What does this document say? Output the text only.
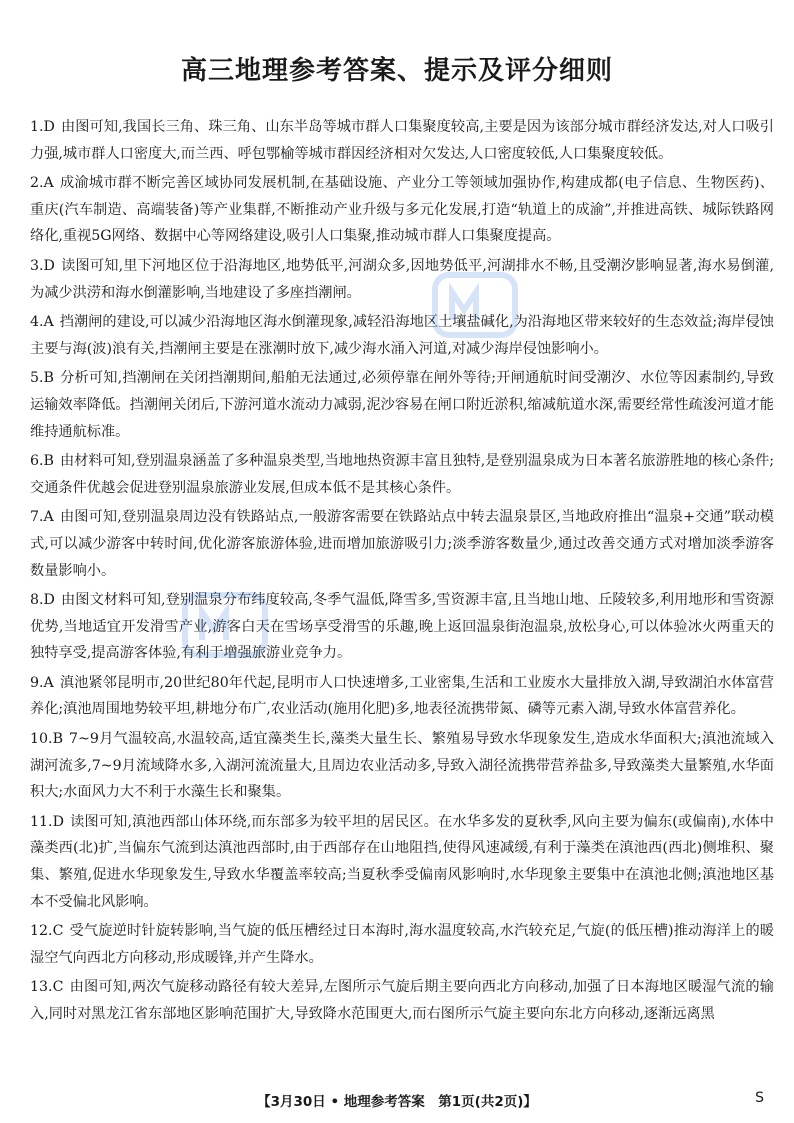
高三地理参考答案、提示及评分细则
1.D 由图可知,我国长三角、珠三角、山东半岛等城市群人口集聚度较高,主要是因为该部分城市群经济发达,对人口吸引力强,城市群人口密度大,而兰西、呼包鄂榆等城市群因经济相对欠发达,人口密度较低,人口集聚度较低。
2.A 成渝城市群不断完善区域协同发展机制,在基础设施、产业分工等领域加强协作,构建成都(电子信息、生物医药)、重庆(汽车制造、高端装备)等产业集群,不断推动产业升级与多元化发展,打造“轨道上的成渝”,并推进高铁、城际铁路网络化,重视5G网络、数据中心等网络建设,吸引人口集聚,推动城市群人口集聚度提高。
3.D 读图可知,里下河地区位于沿海地区,地势低平,河湖众多,因地势低平,河湖排水不畅,且受潮汐影响显著,海水易倒灌,为减少洪涝和海水倒灌影响,当地建设了多座挡潮闸。
4.A 挡潮闸的建设,可以减少沿海地区海水倒灌现象,减轻沿海地区土壤盐碱化,为沿海地区带来较好的生态效益;海岸侵蚀主要与海(波)浪有关,挡潮闸主要是在涨潮时放下,减少海水涌入河道,对减少海岸侵蚀影响小。
5.B 分析可知,挡潮闸在关闭挡潮期间,船舶无法通过,必须停靠在闸外等待;开闸通航时间受潮汐、水位等因素制约,导致运输效率降低。挡潮闸关闭后,下游河道水流动力减弱,泥沙容易在闸口附近淤积,缩减航道水深,需要经常性疏浚河道才能维持通航标准。
6.B 由材料可知,登别温泉涵盖了多种温泉类型,当地地热资源丰富且独特,是登别温泉成为日本著名旅游胜地的核心条件;交通条件优越会促进登别温泉旅游业发展,但成本低不是其核心条件。
7.A 由图可知,登别温泉周边没有铁路站点,一般游客需要在铁路站点中转去温泉景区,当地政府推出“温泉+交通”联动模式,可以减少游客中转时间,优化游客旅游体验,进而增加旅游吸引力;淡季游客数量少,通过改善交通方式对增加淡季游客数量影响小。
8.D 由图文材料可知,登别温泉分布纬度较高,冬季气温低,降雪多,雪资源丰富,且当地山地、丘陵较多,利用地形和雪资源优势,当地适宜开发滑雪产业,游客白天在雪场享受滑雪的乐趣,晚上返回温泉街泡温泉,放松身心,可以体验冰火两重天的独特享受,提高游客体验,有利于增强旅游业竞争力。
9.A 滇池紧邻昆明市,20世纪80年代起,昆明市人口快速增多,工业密集,生活和工业废水大量排放入湖,导致湖泊水体富营养化;滇池周围地势较平坦,耕地分布广,农业活动(施用化肥)多,地表径流携带氮、磷等元素入湖,导致水体富营养化。
10.B 7~9月气温较高,水温较高,适宜藻类生长,藻类大量生长、繁殖易导致水华现象发生,造成水华面积大;滇池流域入湖河流多,7~9月流域降水多,入湖河流流量大,且周边农业活动多,导致入湖径流携带营养盐多,导致藻类大量繁殖,水华面积大;水面风力大不利于水藻生长和聚集。
11.D 读图可知,滇池西部山体环绕,而东部多为较平坦的居民区。在水华多发的夏秋季,风向主要为偏东(或偏南),水体中藻类西(北)扩,当偏东气流到达滇池西部时,由于西部存在山地阻挡,使得风速减缓,有利于藻类在滇池西(西北)侧堆积、聚集、繁殖,促进水华现象发生,导致水华覆盖率较高;当夏秋季受偏南风影响时,水华现象主要集中在滇池北侧;滇池地区基本不受偏北风影响。
12.C 受气旋逆时针旋转影响,当气旋的低压槽经过日本海时,海水温度较高,水汽较充足,气旋(的低压槽)推动海洋上的暖湿空气向西北方向移动,形成暖锋,并产生降水。
13.C 由图可知,两次气旋移动路径有较大差异,左图所示气旋后期主要向西北方向移动,加强了日本海地区暖湿气流的输入,同时对黑龙江省东部地区影响范围扩大,导致降水范围更大,而右图所示气旋主要向东北方向移动,逐渐远离黑
【3月30日 • 地理参考答案　第1页(共2页)】	S
